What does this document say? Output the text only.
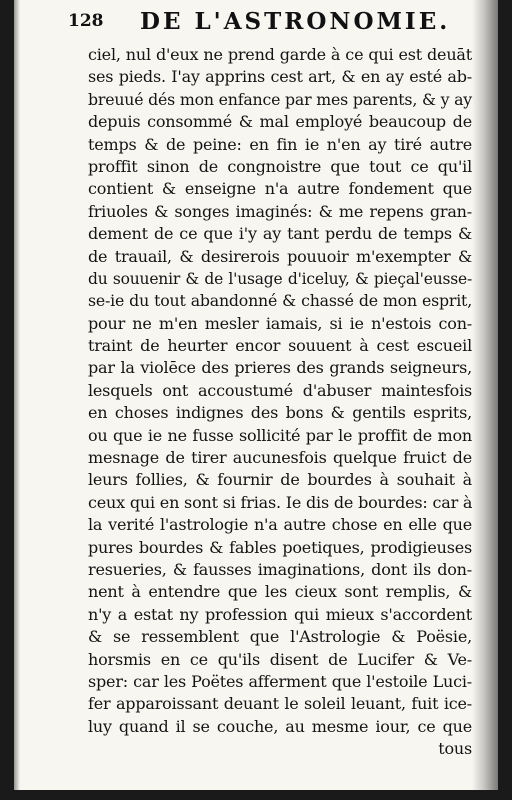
128 DE L'ASTRONOMIE.
ciel, nul d'eux ne prend garde à ce qui est deuāt
ses pieds. I'ay apprins cest art, & en ay esté ab-
breuué dés mon enfance par mes parents, & y ay
depuis consommé & mal employé beaucoup de
temps & de peine: en fin ie n'en ay tiré autre
proffit sinon de congnoistre que tout ce qu'il
contient & enseigne n'a autre fondement que
friuoles & songes imaginés: & me repens gran-
dement de ce que i'y ay tant perdu de temps &
de trauail, & desirerois pouuoir m'exempter &
du souuenir & de l'usage d'iceluy, & pieçal'eusse-
se-ie du tout abandonné & chassé de mon esprit,
pour ne m'en mesler iamais, si ie n'estois con-
traint de heurter encor souuent à cest escueil
par la violēce des prieres des grands seigneurs,
lesquels ont accoustumé d'abuser maintesfois
en choses indignes des bons & gentils esprits,
ou que ie ne fusse sollicité par le proffit de mon
mesnage de tirer aucunesfois quelque fruict de
leurs follies, & fournir de bourdes à souhait à
ceux qui en sont si frias. Ie dis de bourdes: car à
la verité l'astrologie n'a autre chose en elle que
pures bourdes & fables poetiques, prodigieuses
resueries, & fausses imaginations, dont ils don-
nent à entendre que les cieux sont remplis, &
n'y a estat ny profession qui mieux s'accordent
& se ressemblent que l'Astrologie & Poësie,
horsmis en ce qu'ils disent de Lucifer & Ve-
sper: car les Poëtes afferment que l'estoile Luci-
fer apparoissant deuant le soleil leuant, fuit ice-
luy quand il se couche, au mesme iour, ce que
tous
